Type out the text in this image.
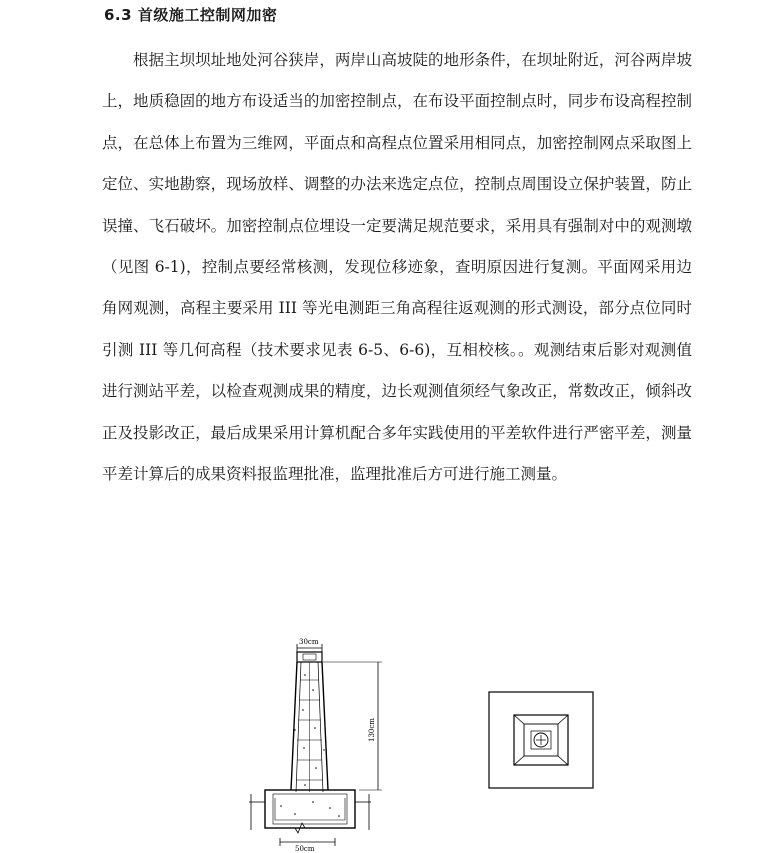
6.3 首级施工控制网加密

根据主坝坝址地处河谷狭岸，两岸山高坡陡的地形条件，在坝址附近，河谷两岸坡上，地质稳固的地方布设适当的加密控制点，在布设平面控制点时，同步布设高程控制点，在总体上布置为三维网，平面点和高程点位置采用相同点，加密控制网点采取图上定位、实地勘察，现场放样、调整的办法来选定点位，控制点周围设立保护装置，防止误撞、飞石破坏。加密控制点位埋设一定要满足规范要求，采用具有强制对中的观测墩（见图 6-1)，控制点要经常核测，发现位移迹象，查明原因进行复测。平面网采用边角网观测，高程主要采用 III 等光电测距三角高程往返观测的形式测设，部分点位同时引测 III 等几何高程（技术要求见表 6-5、6-6)，互相校核。。观测结束后影对观测值进行测站平差，以检查观测成果的精度，边长观测值须经气象改正，常数改正，倾斜改正及投影改正，最后成果采用计算机配合多年实践使用的平差软件进行严密平差，测量平差计算后的成果资料报监理批准，监理批准后方可进行施工测量。

30cm
50cm
130cm
